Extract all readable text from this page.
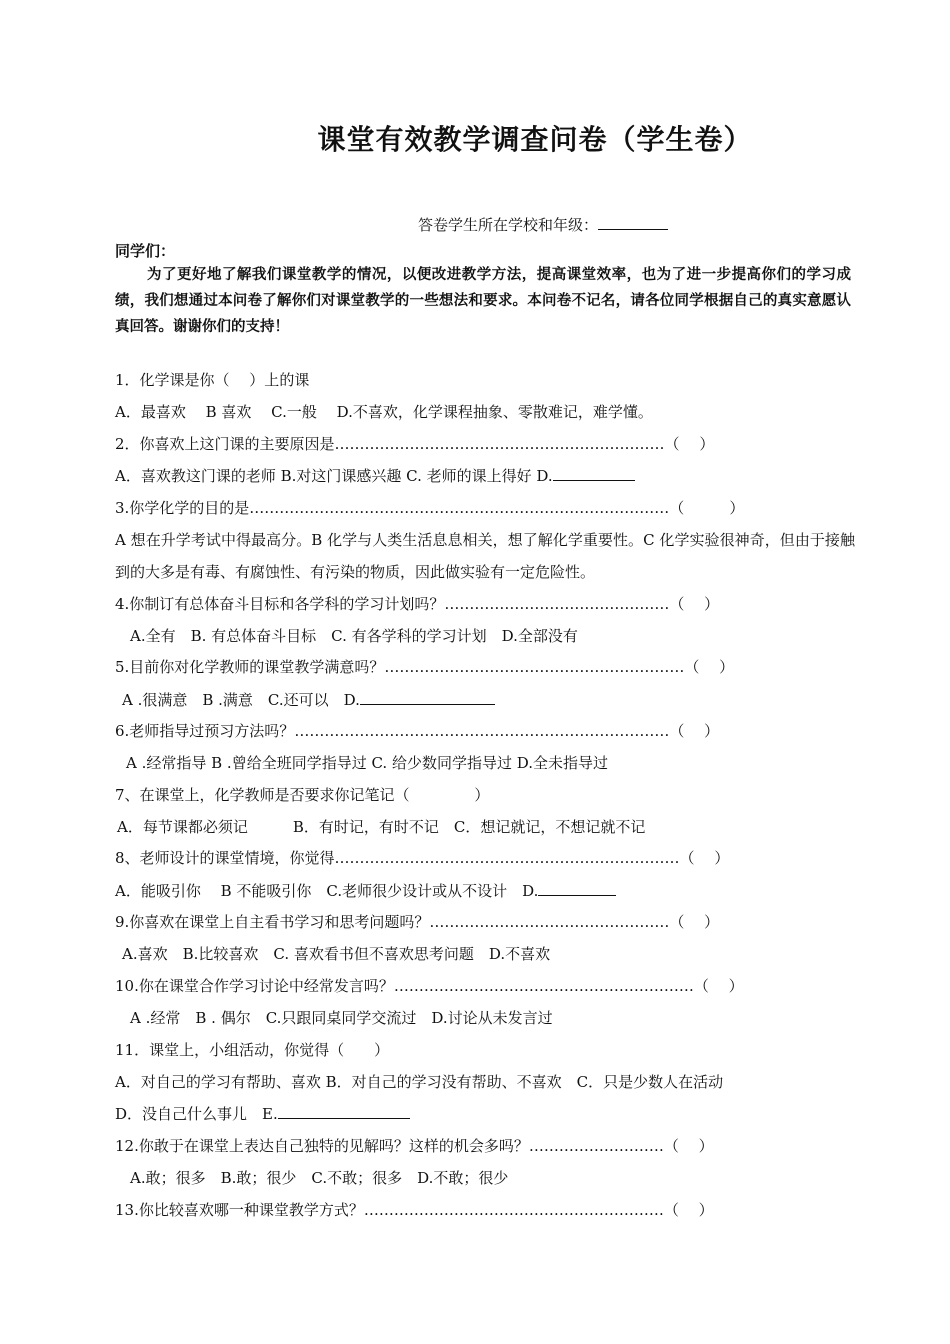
课堂有效教学调查问卷（学生卷）
答卷学生所在学校和年级：
同学们：
为了更好地了解我们课堂教学的情况，以便改进教学方法，提高课堂效率，也为了进一步提高你们的学习成绩，我们想通过本问卷了解你们对课堂教学的一些想法和要求。本问卷不记名，请各位同学根据自己的真实意愿认真回答。谢谢你们的支持！
1．化学课是你（　 ）上的课
A．最喜欢　 B 喜欢　 C.一般　 D.不喜欢，化学课程抽象、零散难记，难学懂。
2．你喜欢上这门课的主要原因是…………………………………………………………（　 ）
A．喜欢教这门课的老师 B.对这门课感兴趣 C. 老师的课上得好 D.
3.你学化学的目的是…………………………………………………………………………（　　　）
A 想在升学考试中得最高分。B 化学与人类生活息息相关，想了解化学重要性。C 化学实验很神奇，但由于接触到的大多是有毒、有腐蚀性、有污染的物质，因此做实验有一定危险性。
4.你制订有总体奋斗目标和各学科的学习计划吗？………………………………………（　 ）
A.全有　B. 有总体奋斗目标　C. 有各学科的学习计划　D.全部没有
5.目前你对化学教师的课堂教学满意吗？……………………………………………………（　 ）
A .很满意　B .满意　C.还可以　D.
6.老师指导过预习方法吗？…………………………………………………………………（　 ）
A .经常指导 B .曾给全班同学指导过 C. 给少数同学指导过 D.全未指导过
7、在课堂上，化学教师是否要求你记笔记（　　　　 ）
A．每节课都必须记　　　B．有时记，有时不记　C．想记就记，不想记就不记
8、老师设计的课堂情境，你觉得……………………………………………………………（　 ）
A．能吸引你　 B 不能吸引你　C.老师很少设计或从不设计　D.
9.你喜欢在课堂上自主看书学习和思考问题吗？…………………………………………（　 ）
A.喜欢　B.比较喜欢　C. 喜欢看书但不喜欢思考问题　D.不喜欢
10.你在课堂合作学习讨论中经常发言吗？……………………………………………………（　 ）
A .经常　B . 偶尔　C.只跟同桌同学交流过　D.讨论从未发言过
11．课堂上，小组活动，你觉得（　　）
A．对自己的学习有帮助、喜欢 B．对自己的学习没有帮助、不喜欢　C．只是少数人在活动
D．没自己什么事儿　E.
12.你敢于在课堂上表达自己独特的见解吗？这样的机会多吗？………………………（　 ）
A.敢；很多　B.敢；很少　C.不敢；很多　D.不敢；很少
13.你比较喜欢哪一种课堂教学方式？……………………………………………………（　 ）
